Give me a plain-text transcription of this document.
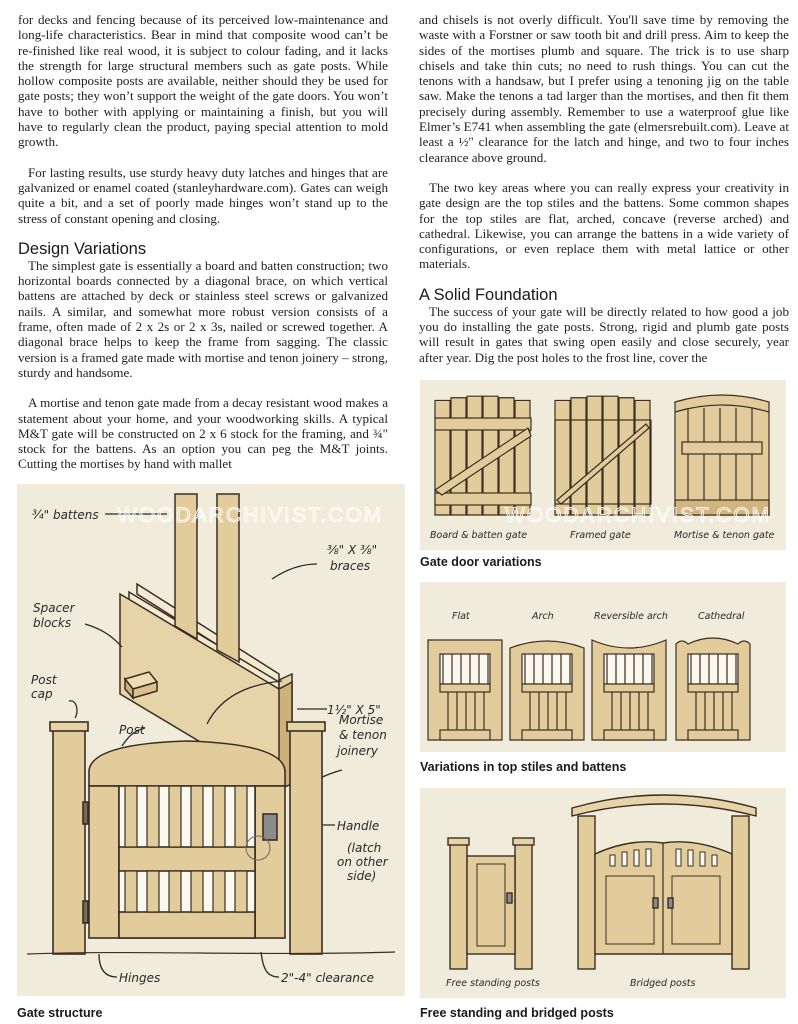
for decks and fencing because of its perceived low-maintenance and long-life characteristics. Bear in mind that composite wood can’t be re-finished like real wood, it is subject to colour fading, and it lacks the strength for large structural members such as gate posts. While hollow composite posts are available, neither should they be used for gate posts; they won’t support the weight of the gate doors. You won’t have to bother with applying or maintaining a finish, but you will have to regularly clean the product, paying special attention to mold growth.

For lasting results, use sturdy heavy duty latches and hinges that are galvanized or enamel coated (stanleyhardware.com). Gates can weigh quite a bit, and a set of poorly made hinges won’t stand up to the stress of constant opening and closing.

Design Variations

The simplest gate is essentially a board and batten construction; two horizontal boards connected by a diagonal brace, on which vertical battens are attached by deck or stainless steel screws or galvanized nails. A similar, and somewhat more robust version consists of a frame, often made of 2 x 2s or 2 x 3s, nailed or screwed together. A diagonal brace helps to keep the frame from sagging. The classic version is a framed gate made with mortise and tenon joinery – strong, sturdy and handsome.

A mortise and tenon gate made from a decay resistant wood makes a statement about your home, and your woodworking skills. A typical M&T gate will be constructed on 2 x 6 stock for the framing, and ¾" stock for the battens. As an option you can peg the M&T joints. Cutting the mortises by hand with mallet

and chisels is not overly difficult. You'll save time by removing the waste with a Forstner or saw tooth bit and drill press. Aim to keep the sides of the mortises plumb and square. The trick is to use sharp chisels and take thin cuts; no need to rush things. You can cut the tenons with a handsaw, but I prefer using a tenoning jig on the table saw. Make the tenons a tad larger than the mortises, and then fit them precisely during assembly. Remember to use a waterproof glue like Elmer’s E741 when assembling the gate (elmersrebuilt.com). Leave at least a ½" clearance for the latch and hinge, and two to four inches clearance above ground.

The two key areas where you can really express your creativity in gate design are the top stiles and the battens. Some common shapes for the top stiles are flat, arched, concave (reverse arched) and cathedral. Likewise, you can arrange the battens in a wide variety of configurations, or even replace them with metal lattice or other materials.

A Solid Foundation

The success of your gate will be directly related to how good a job you do installing the gate posts. Strong, rigid and plumb gate posts will result in gates that swing open easily and close securely, year after year. Dig the post holes to the frost line, cover the

¾" battens
⅜" X ⅜"
braces
Spacer
blocks
1½" X 5"
Post
cap
Post
Mortise
& tenon
joinery
Handle
(latch
on other
side)
Hinges	2"-4" clearance
WOODARCHIVIST.COM
Gate structure
Board & batten gate	Framed gate	Mortise & tenon gate
WOODARCHIVIST.COM
Gate door variations
Flat	Arch	Reversible arch	Cathedral
Variations in top stiles and battens
Free standing posts	Bridged posts
Free standing and bridged posts
